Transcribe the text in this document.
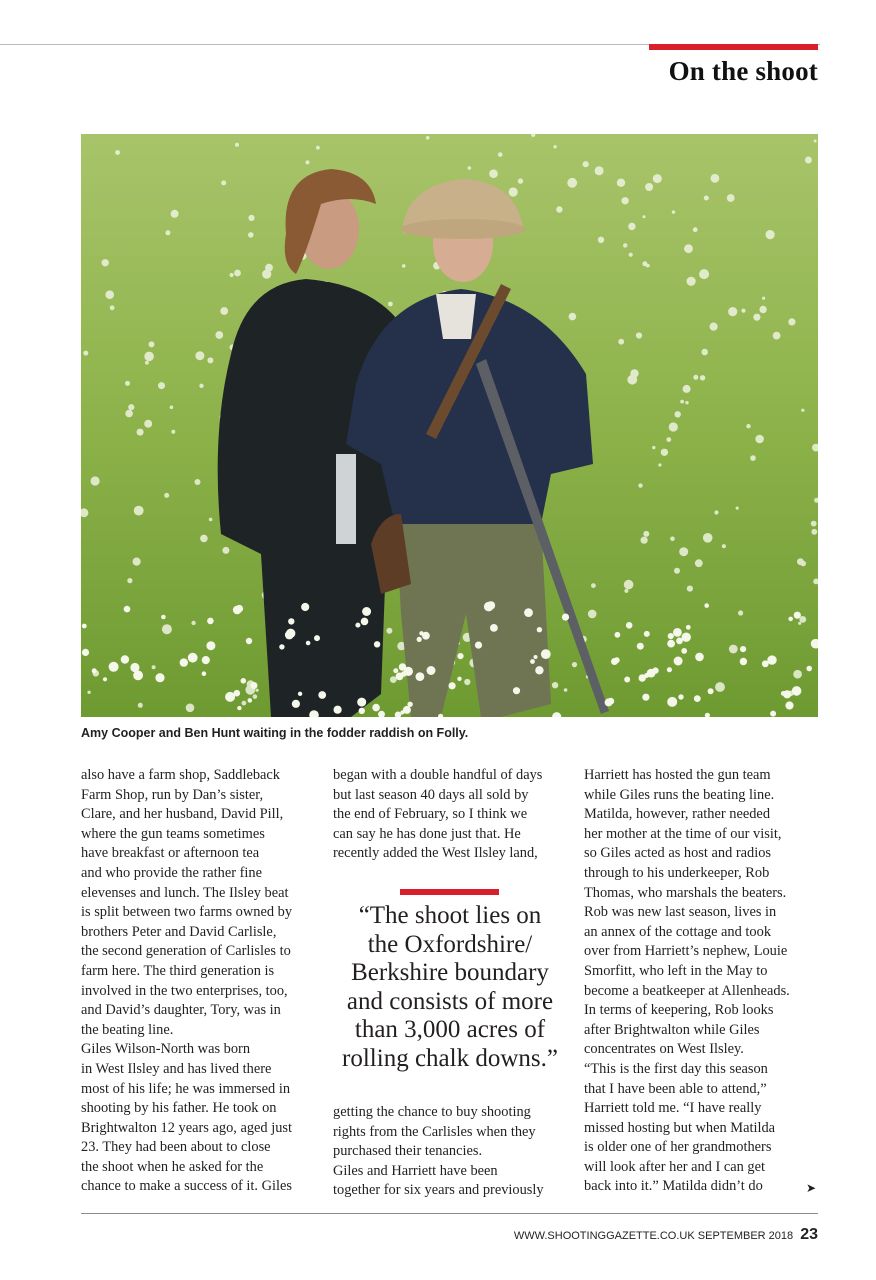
On the shoot
Amy Cooper and Ben Hunt waiting in the fodder raddish on Folly.
also have a farm shop, Saddleback
Farm Shop, run by Dan’s sister,
Clare, and her husband, David Pill,
where the gun teams sometimes
have breakfast or afternoon tea
and who provide the rather fine
elevenses and lunch. The Ilsley beat
is split between two farms owned by
brothers Peter and David Carlisle,
the second generation of Carlisles to
farm here. The third generation is
involved in the two enterprises, too,
and David’s daughter, Tory, was in
the beating line.
Giles Wilson-North was born
in West Ilsley and has lived there
most of his life; he was immersed in
shooting by his father. He took on
Brightwalton 12 years ago, aged just
23. They had been about to close
the shoot when he asked for the
chance to make a success of it. Giles
began with a double handful of days
but last season 40 days all sold by
the end of February, so I think we
can say he has done just that. He
recently added the West Ilsley land,
“The shoot lies on
the Oxfordshire/
Berkshire boundary
and consists of more
than 3,000 acres of
rolling chalk downs.”
getting the chance to buy shooting
rights from the Carlisles when they
purchased their tenancies.
Giles and Harriett have been
together for six years and previously
Harriett has hosted the gun team
while Giles runs the beating line.
Matilda, however, rather needed
her mother at the time of our visit,
so Giles acted as host and radios
through to his underkeeper, Rob
Thomas, who marshals the beaters.
Rob was new last season, lives in
an annex of the cottage and took
over from Harriett’s nephew, Louie
Smorfitt, who left in the May to
become a beatkeeper at Allenheads.
In terms of keepering, Rob looks
after Brightwalton while Giles
concentrates on West Ilsley.
“This is the first day this season
that I have been able to attend,”
Harriett told me. “I have really
missed hosting but when Matilda
is older one of her grandmothers
will look after her and I can get
back into it.” Matilda didn’t do	➤
WWW.SHOOTINGGAZETTE.CO.UK SEPTEMBER 2018 23
